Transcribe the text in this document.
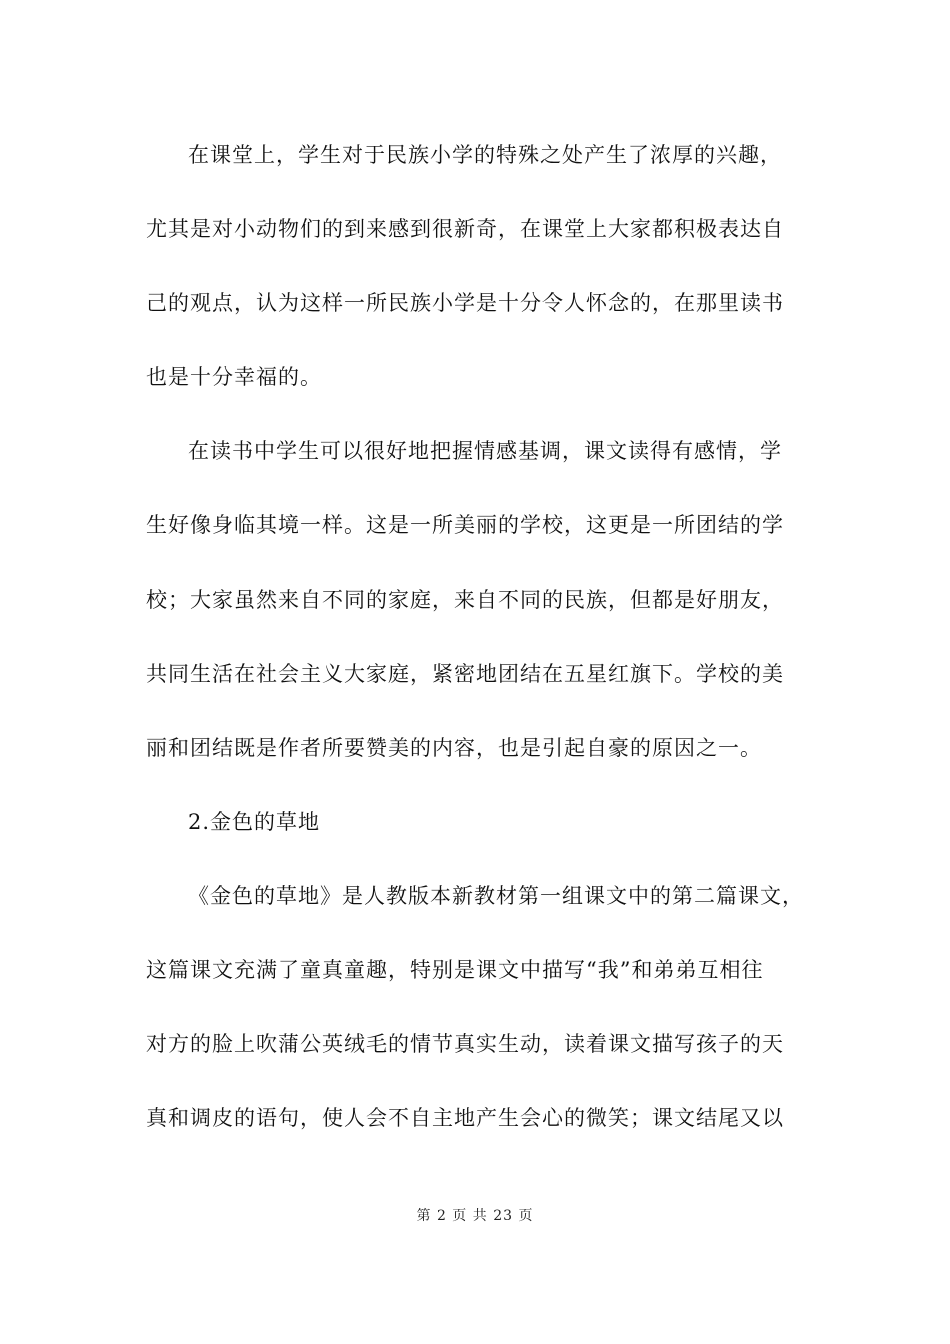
在课堂上，学生对于民族小学的特殊之处产生了浓厚的兴趣，
尤其是对小动物们的到来感到很新奇，在课堂上大家都积极表达自
己的观点，认为这样一所民族小学是十分令人怀念的，在那里读书
也是十分幸福的。
在读书中学生可以很好地把握情感基调，课文读得有感情，学
生好像身临其境一样。这是一所美丽的学校，这更是一所团结的学
校；大家虽然来自不同的家庭，来自不同的民族，但都是好朋友，
共同生活在社会主义大家庭，紧密地团结在五星红旗下。学校的美
丽和团结既是作者所要赞美的内容，也是引起自豪的原因之一。
2.金色的草地
《金色的草地》是人教版本新教材第一组课文中的第二篇课文，
这篇课文充满了童真童趣，特别是课文中描写“我”和弟弟互相往
对方的脸上吹蒲公英绒毛的情节真实生动，读着课文描写孩子的天
真和调皮的语句，使人会不自主地产生会心的微笑；课文结尾又以
第 2 页 共 23 页
